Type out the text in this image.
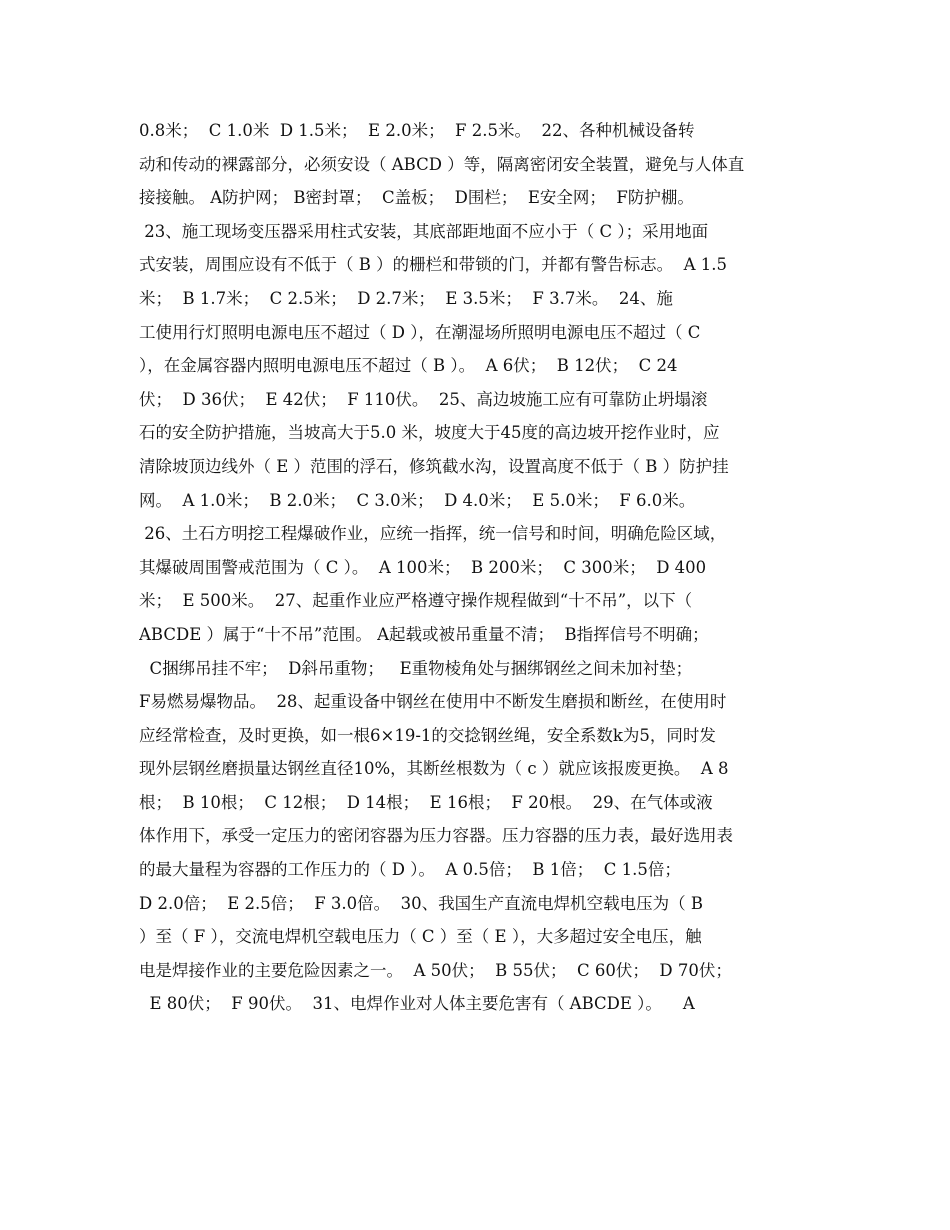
0.8米；  C 1.0米  D 1.5米；  E 2.0米；  F 2.5米。  22、各种机械设备转
动和传动的裸露部分，必须安设（ ABCD ）等，隔离密闭安全装置，避免与人体直
接接触。 A防护网； B密封罩；  C盖板；  D围栏；  E安全网；  F防护棚。
23、施工现场变压器采用柱式安装，其底部距地面不应小于（ C ）；采用地面
式安装，周围应设有不低于（ B ）的栅栏和带锁的门，并都有警告标志。  A 1.5
米；  B 1.7米；  C 2.5米；  D 2.7米；  E 3.5米；  F 3.7米。  24、施
工使用行灯照明电源电压不超过（ D ），在潮湿场所照明电源电压不超过（ C
），在金属容器内照明电源电压不超过（ B ）。  A 6伏；  B 12伏；  C 24
伏；  D 36伏；  E 42伏；  F 110伏。  25、高边坡施工应有可靠防止坍塌滚
石的安全防护措施，当坡高大于5.0 米，坡度大于45度的高边坡开挖作业时，应
清除坡顶边线外（ E ）范围的浮石，修筑截水沟，设置高度不低于（ B ）防护挂
网。  A 1.0米；  B 2.0米；  C 3.0米；  D 4.0米；  E 5.0米；  F 6.0米。
26、土石方明挖工程爆破作业，应统一指挥，统一信号和时间，明确危险区域，
其爆破周围警戒范围为（ C ）。  A 100米；  B 200米；  C 300米；  D 400
米；  E 500米。  27、起重作业应严格遵守操作规程做到“十不吊”，以下（
ABCDE ）属于“十不吊”范围。 A起载或被吊重量不清；  B指挥信号不明确；
C捆绑吊挂不牢；  D斜吊重物；   E重物棱角处与捆绑钢丝之间未加衬垫；
F易燃易爆物品。  28、起重设备中钢丝在使用中不断发生磨损和断丝，在使用时
应经常检查，及时更换，如一根6×19-1的交捻钢丝绳，安全系数k为5，同时发
现外层钢丝磨损量达钢丝直径10%，其断丝根数为（ c ）就应该报废更换。  A 8
根；  B 10根；  C 12根；  D 14根；  E 16根；  F 20根。  29、在气体或液
体作用下，承受一定压力的密闭容器为压力容器。压力容器的压力表，最好选用表
的最大量程为容器的工作压力的（ D ）。  A 0.5倍；  B 1倍；  C 1.5倍；
D 2.0倍；  E 2.5倍；  F 3.0倍。  30、我国生产直流电焊机空载电压为（ B
）至（ F ），交流电焊机空载电压力（ C ）至（ E ），大多超过安全电压，触
电是焊接作业的主要危险因素之一。  A 50伏；  B 55伏；  C 60伏；  D 70伏；
E 80伏；  F 90伏。  31、电焊作业对人体主要危害有（ ABCDE ）。    A
